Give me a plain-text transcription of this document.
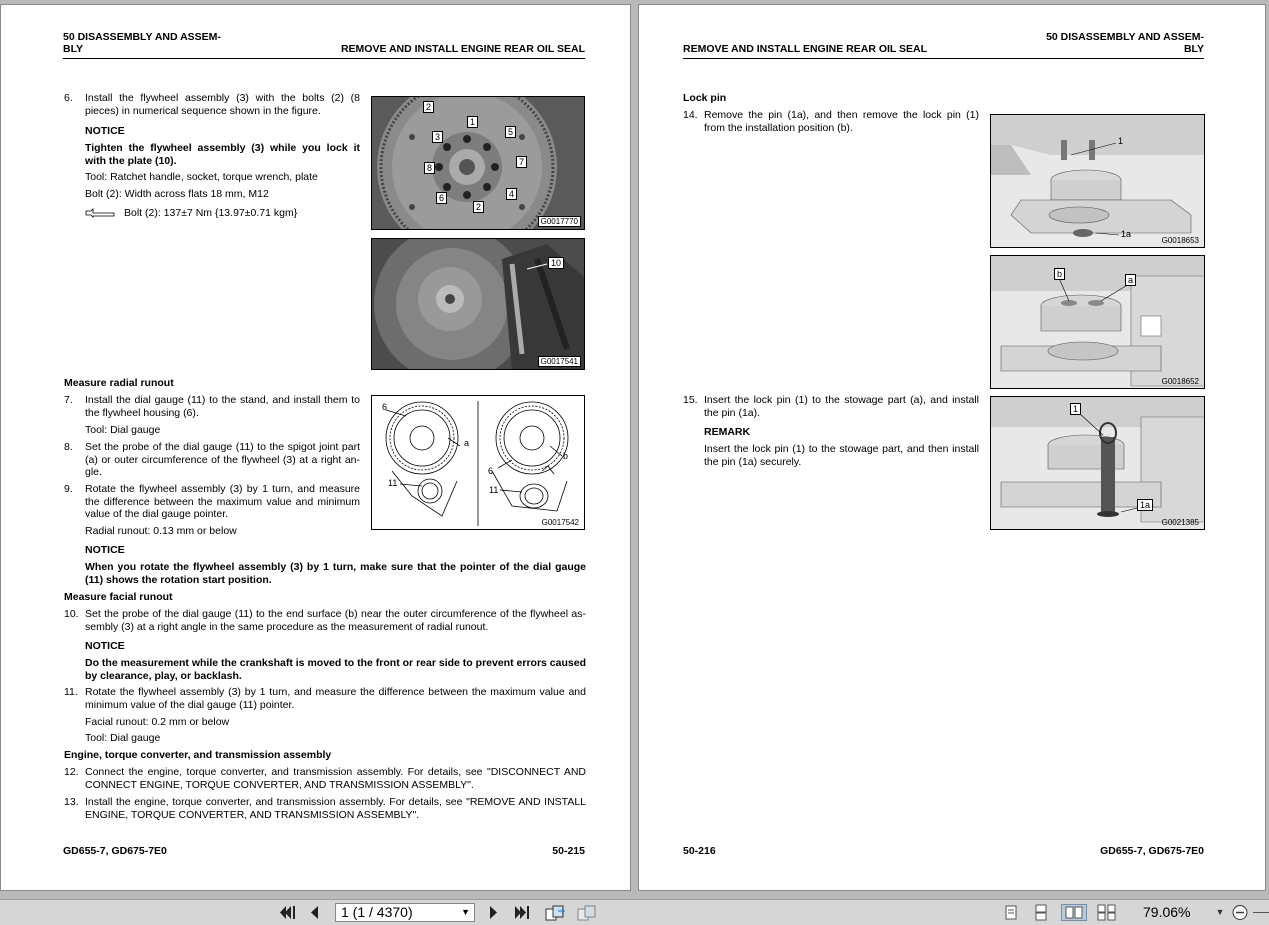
50 DISASSEMBLY AND ASSEM-
BLY	REMOVE AND INSTALL ENGINE REAR OIL SEAL
6. Install the flywheel assembly (3) with the bolts (2) (8 pieces) in numerical sequence shown in the figure.
NOTICE
Tighten the flywheel assembly (3) while you lock it with the plate (10).
Tool: Ratchet handle, socket, torque wrench, plate
Bolt (2): Width across flats 18 mm, M12
Bolt (2): 137±7 Nm {13.97±0.71 kgm}
2
1
3	5
8
7
6	4
2
G0017770
10
G0017541
Measure radial runout
7. Install the dial gauge (11) to the stand, and install them to the flywheel housing (6).
Tool: Dial gauge
8. Set the probe of the dial gauge (11) to the spigot joint part (a) or outer circumference of the flywheel (3) at a right an-gle.
9. Rotate the flywheel assembly (3) by 1 turn, and measure the difference between the maximum value and minimum value of the dial gauge pointer.
Radial runout: 0.13 mm or below
6
a
11
b
6
11
G0017542
NOTICE
When you rotate the flywheel assembly (3) by 1 turn, make sure that the pointer of the dial gauge (11) shows the rotation start position.
Measure facial runout
10. Set the probe of the dial gauge (11) to the end surface (b) near the outer circumference of the flywheel as-sembly (3) at a right angle in the same procedure as the measurement of radial runout.
NOTICE
Do the measurement while the crankshaft is moved to the front or rear side to prevent errors caused by clearance, play, or backlash.
11. Rotate the flywheel assembly (3) by 1 turn, and measure the difference between the maximum value and minimum value of the dial gauge (11) pointer.
Facial runout: 0.2 mm or below
Tool: Dial gauge
Engine, torque converter, and transmission assembly
12. Connect the engine, torque converter, and transmission assembly. For details, see "DISCONNECT AND CONNECT ENGINE, TORQUE CONVERTER, AND TRANSMISSION ASSEMBLY".
13. Install the engine, torque converter, and transmission assembly. For details, see "REMOVE AND INSTALL ENGINE, TORQUE CONVERTER, AND TRANSMISSION ASSEMBLY".
GD655-7, GD675-7E0	50-215
50 DISASSEMBLY AND ASSEM-
BLY
REMOVE AND INSTALL ENGINE REAR OIL SEAL
Lock pin
14. Remove the pin (1a), and then remove the lock pin (1) from the installation position (b).
1
1a
G0018653
b
a
G0018652
15. Insert the lock pin (1) to the stowage part (a), and install the pin (1a).
REMARK
Insert the lock pin (1) to the stowage part, and then install the pin (1a) securely.
1
1a
G0021385
50-216	GD655-7, GD675-7E0
1 (1 / 4370)	▼	79.06%	▼
